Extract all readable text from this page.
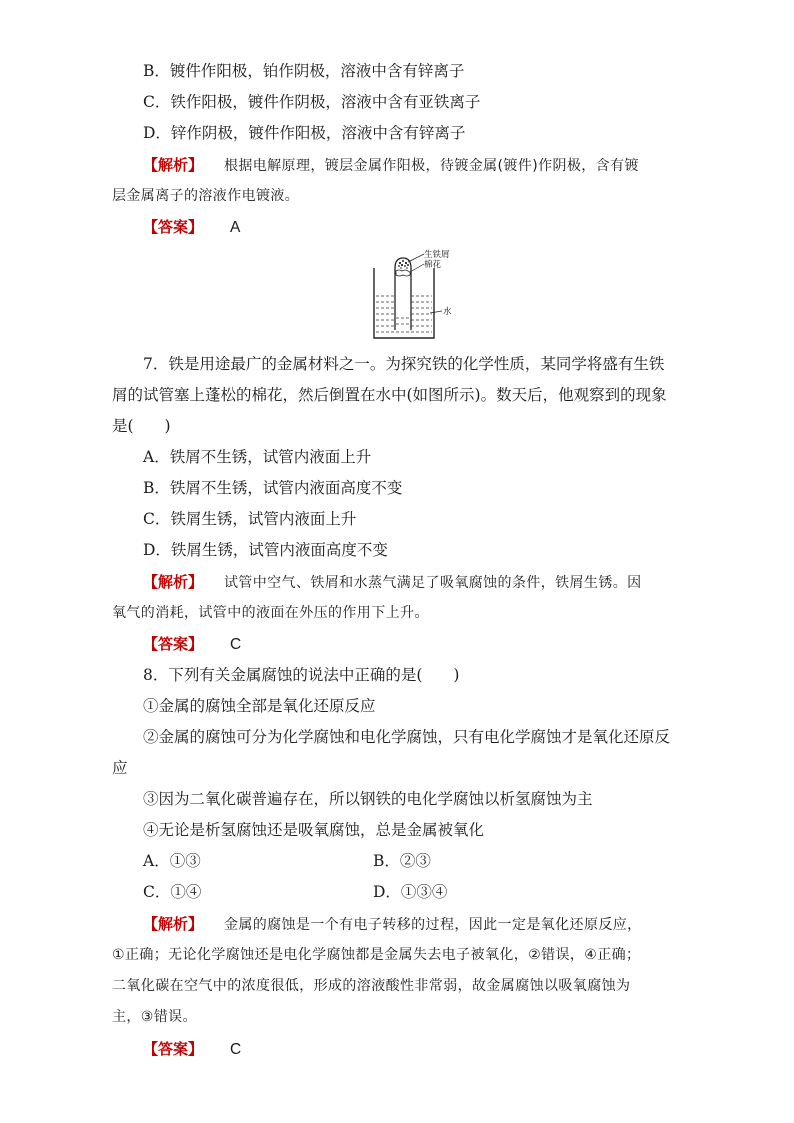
B．镀件作阳极，铂作阴极，溶液中含有锌离子
C．铁作阳极，镀件作阴极，溶液中含有亚铁离子
D．锌作阴极，镀件作阳极，溶液中含有锌离子
【解析】 根据电解原理，镀层金属作阳极，待镀金属(镀件)作阴极，含有镀
层金属离子的溶液作电镀液。
【答案】 A
生铁屑
棉花
水
7．铁是用途最广的金属材料之一。为探究铁的化学性质，某同学将盛有生铁
屑的试管塞上蓬松的棉花，然后倒置在水中(如图所示)。数天后，他观察到的现象
是(　　)
A．铁屑不生锈，试管内液面上升
B．铁屑不生锈，试管内液面高度不变
C．铁屑生锈，试管内液面上升
D．铁屑生锈，试管内液面高度不变
【解析】 试管中空气、铁屑和水蒸气满足了吸氧腐蚀的条件，铁屑生锈。因
氧气的消耗，试管中的液面在外压的作用下上升。
【答案】 C
8．下列有关金属腐蚀的说法中正确的是(　　)
①金属的腐蚀全部是氧化还原反应
②金属的腐蚀可分为化学腐蚀和电化学腐蚀，只有电化学腐蚀才是氧化还原反
应
③因为二氧化碳普遍存在，所以钢铁的电化学腐蚀以析氢腐蚀为主
④无论是析氢腐蚀还是吸氧腐蚀，总是金属被氧化
A．①③	B．②③
C．①④	D．①③④
【解析】 金属的腐蚀是一个有电子转移的过程，因此一定是氧化还原反应，
①正确；无论化学腐蚀还是电化学腐蚀都是金属失去电子被氧化，②错误，④正确；
二氧化碳在空气中的浓度很低，形成的溶液酸性非常弱，故金属腐蚀以吸氧腐蚀为
主，③错误。
【答案】 C
